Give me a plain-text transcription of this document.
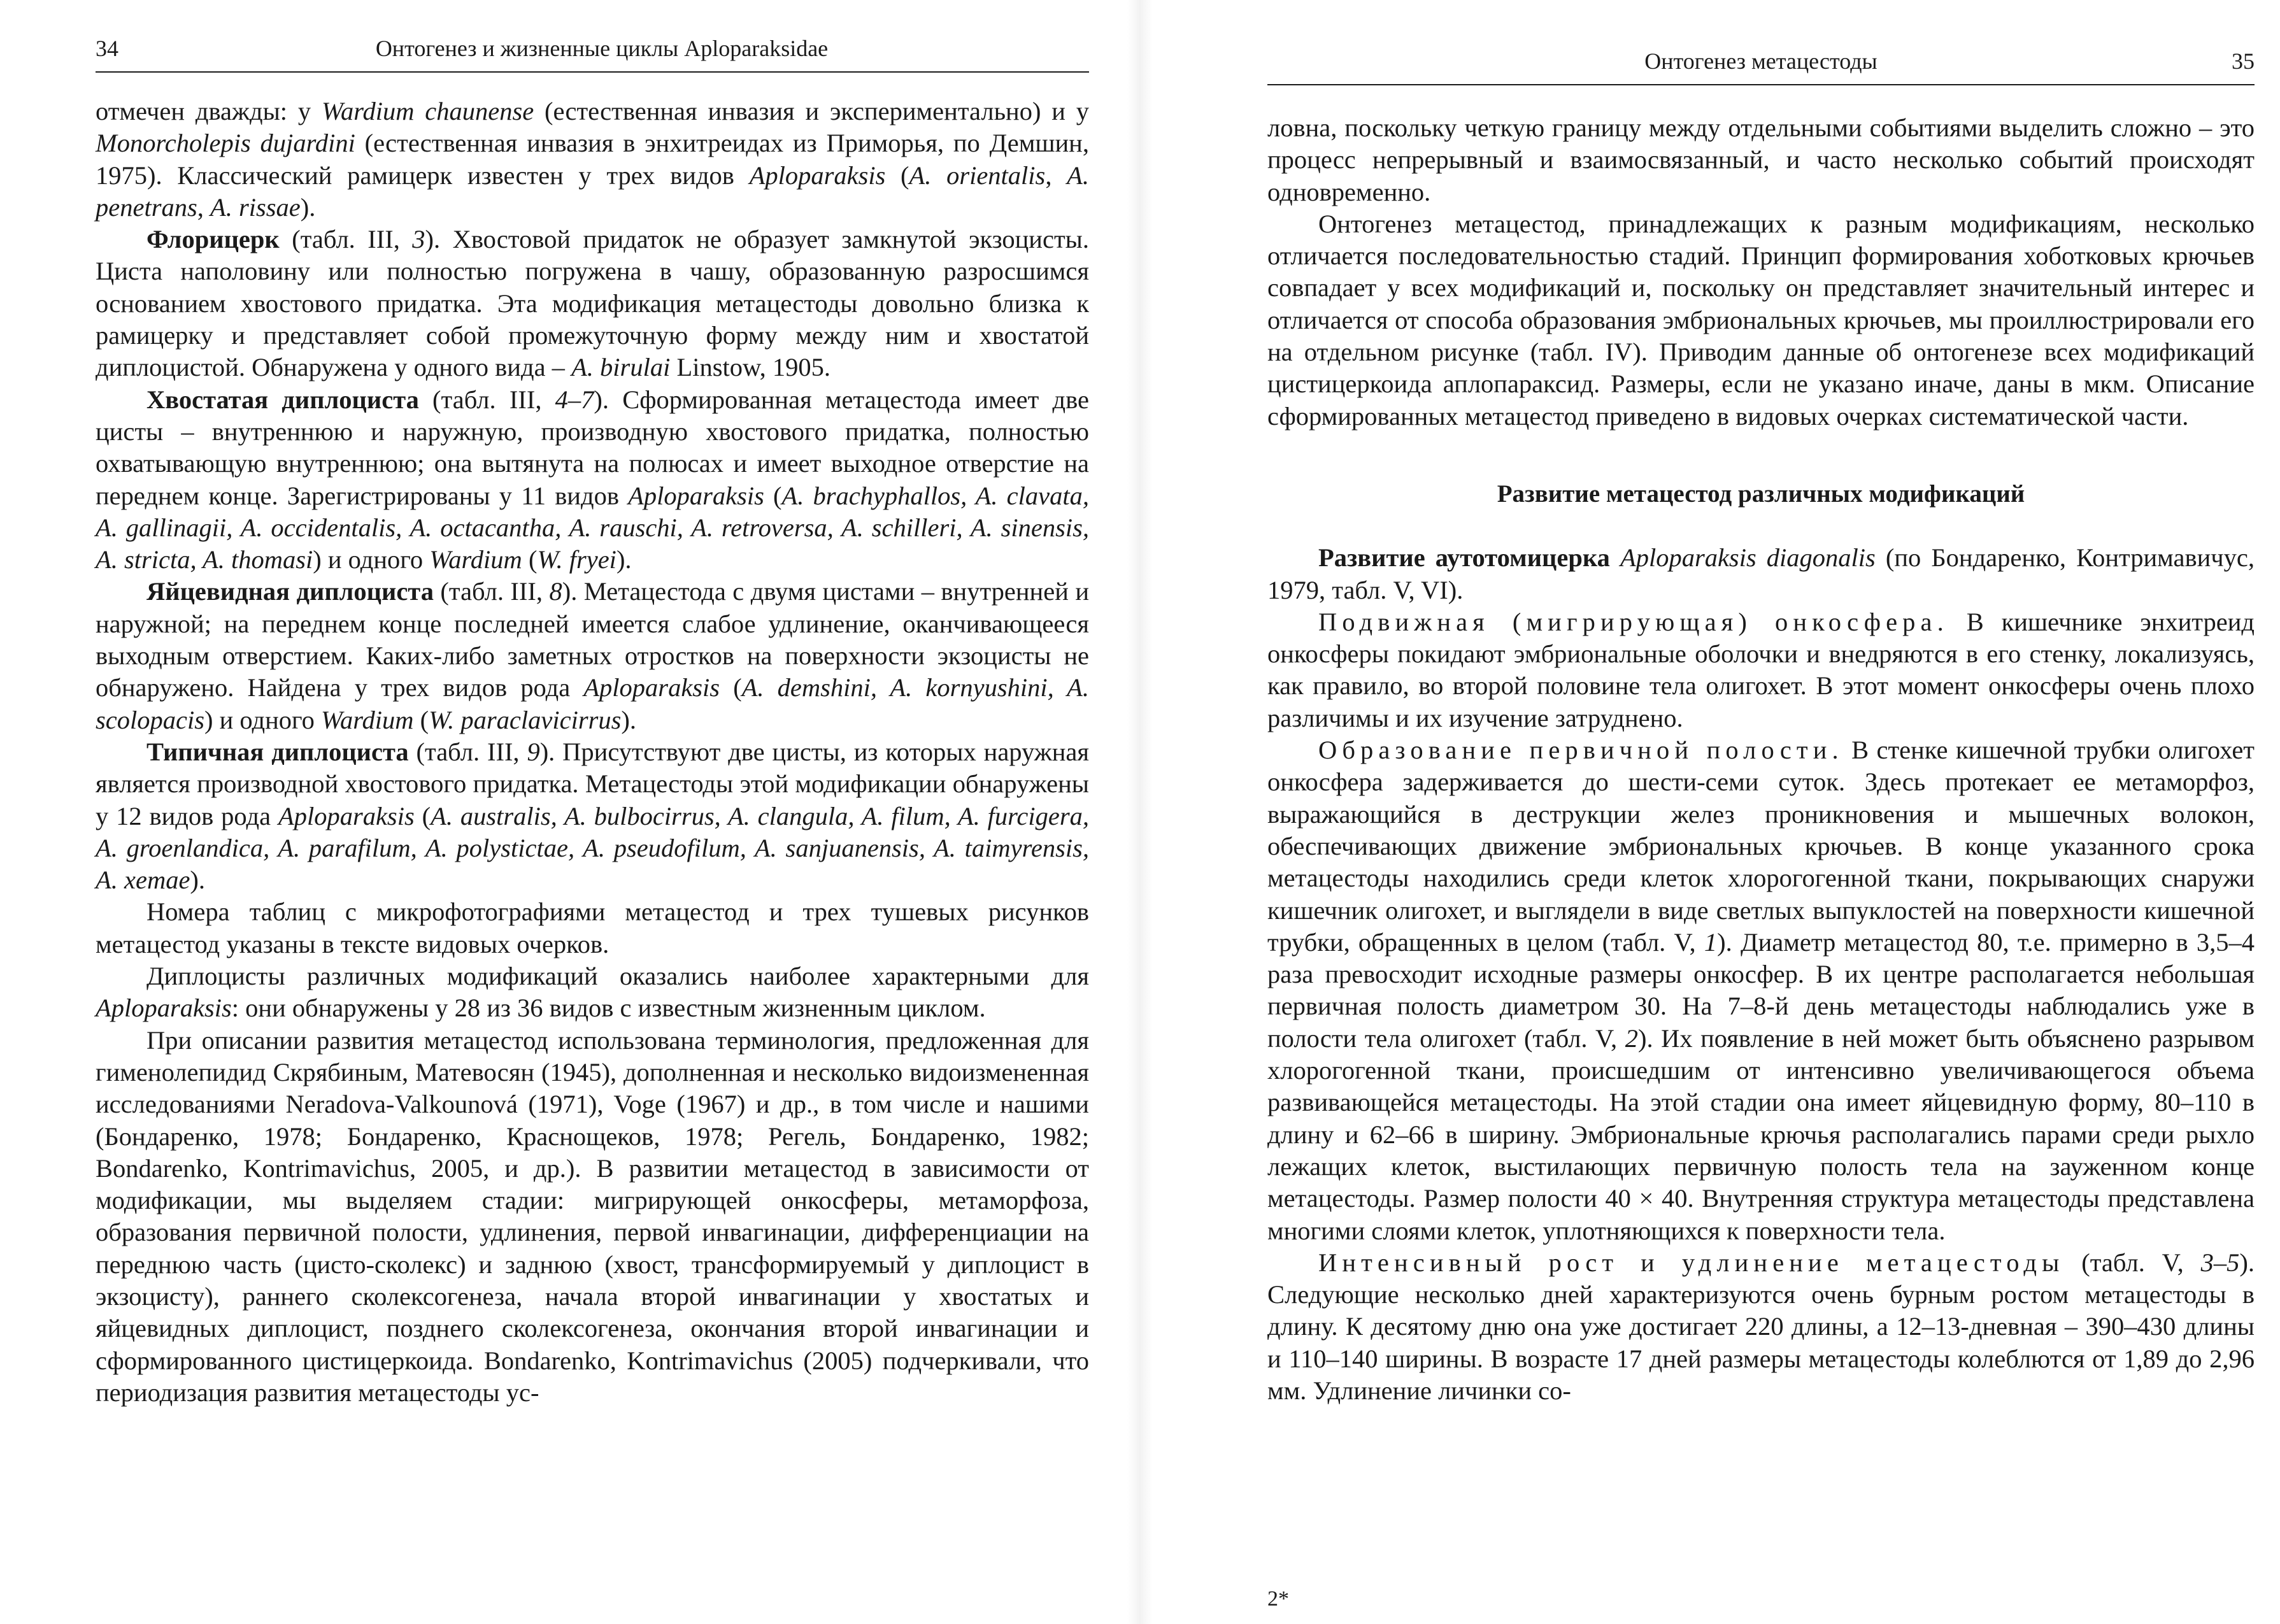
34	Онтогенез и жизненные циклы Aploparaksidae

отмечен дважды: у Wardium chaunense (естественная инвазия и экспериментально) и у Monorcholepis dujardini (естественная инвазия в энхитреидах из Приморья, по Демшин, 1975). Классический рамицерк известен у трех видов Aploparaksis (A. orientalis, A. penetrans, A. rissae).

Флорицерк (табл. III, 3). Хвостовой придаток не образует замкнутой экзоцисты. Циста наполовину или полностью погружена в чашу, образованную разросшимся основанием хвостового придатка. Эта модификация метацестоды довольно близка к рамицерку и представляет собой промежуточную форму между ним и хвостатой диплоцистой. Обнаружена у одного вида – A. birulai Linstow, 1905.

Хвостатая диплоциста (табл. III, 4–7). Сформированная метацестода имеет две цисты – внутреннюю и наружную, производную хвостового придатка, полностью охватывающую внутреннюю; она вытянута на полюсах и имеет выходное отверстие на переднем конце. Зарегистрированы у 11 видов Aploparaksis (A. brachyphallos, A. clavata, A. gallinagii, A. occidentalis, A. octacantha, A. rauschi, A. retroversa, A. schilleri, A. sinensis, A. stricta, A. thomasi) и одного Wardium (W. fryei).

Яйцевидная диплоциста (табл. III, 8). Метацестода с двумя цистами – внутренней и наружной; на переднем конце последней имеется слабое удлинение, оканчивающееся выходным отверстием. Каких-либо заметных отростков на поверхности экзоцисты не обнаружено. Найдена у трех видов рода Aploparaksis (A. demshini, A. kornyushini, A. scolopacis) и одного Wardium (W. paraclavicirrus).

Типичная диплоциста (табл. III, 9). Присутствуют две цисты, из которых наружная является производной хвостового придатка. Метацестоды этой модификации обнаружены у 12 видов рода Aploparaksis (A. australis, A. bulbocirrus, A. clangula, A. filum, A. furcigera, A. groenlandica, A. parafilum, A. polystictae, A. pseudofilum, A. sanjuanensis, A. taimyrensis, A. xemae).

Номера таблиц с микрофотографиями метацестод и трех тушевых рисунков метацестод указаны в тексте видовых очерков.

Диплоцисты различных модификаций оказались наиболее характерными для Aploparaksis: они обнаружены у 28 из 36 видов с известным жизненным циклом.

При описании развития метацестод использована терминология, предложенная для гименолепидид Скрябиным, Матевосян (1945), дополненная и несколько видоизмененная исследованиями Neradova-Valkounová (1971), Voge (1967) и др., в том числе и нашими (Бондаренко, 1978; Бондаренко, Краснощеков, 1978; Регель, Бондаренко, 1982; Bondarenko, Kontrimavichus, 2005, и др.). В развитии метацестод в зависимости от модификации, мы выделяем стадии: мигрирующей онкосферы, метаморфоза, образования первичной полости, удлинения, первой инвагинации, дифференциации на переднюю часть (цисто-сколекс) и заднюю (хвост, трансформируемый у диплоцист в экзоцисту), раннего сколексогенеза, начала второй инвагинации у хвостатых и яйцевидных диплоцист, позднего сколексогенеза, окончания второй инвагинации и сформированного цистицеркоида. Bondarenko, Kontrimavichus (2005) подчеркивали, что периодизация развития метацестоды ус-

Онтогенез метацестоды	35

ловна, поскольку четкую границу между отдельными событиями выделить сложно – это процесс непрерывный и взаимосвязанный, и часто несколько событий происходят одновременно.

Онтогенез метацестод, принадлежащих к разным модификациям, несколько отличается последовательностью стадий. Принцип формирования хоботковых крючьев совпадает у всех модификаций и, поскольку он представляет значительный интерес и отличается от способа образования эмбриональных крючьев, мы проиллюстрировали его на отдельном рисунке (табл. IV). Приводим данные об онтогенезе всех модификаций цистицеркоида аплопараксид. Размеры, если не указано иначе, даны в мкм. Описание сформированных метацестод приведено в видовых очерках систематической части.

Развитие метацестод различных модификаций

Развитие аутотомицерка Aploparaksis diagonalis (по Бондаренко, Контримавичус, 1979, табл. V, VI).

Подвижная (мигрирующая) онкосфера. В кишечнике энхитреид онкосферы покидают эмбриональные оболочки и внедряются в его стенку, локализуясь, как правило, во второй половине тела олигохет. В этот момент онкосферы очень плохо различимы и их изучение затруднено.

Образование первичной полости. В стенке кишечной трубки олигохет онкосфера задерживается до шести-семи суток. Здесь протекает ее метаморфоз, выражающийся в деструкции желез проникновения и мышечных волокон, обеспечивающих движение эмбриональных крючьев. В конце указанного срока метацестоды находились среди клеток хлорогогенной ткани, покрывающих снаружи кишечник олигохет, и выглядели в виде светлых выпуклостей на поверхности кишечной трубки, обращенных в целом (табл. V, 1). Диаметр метацестод 80, т.е. примерно в 3,5–4 раза превосходит исходные размеры онкосфер. В их центре располагается небольшая первичная полость диаметром 30. На 7–8-й день метацестоды наблюдались уже в полости тела олигохет (табл. V, 2). Их появление в ней может быть объяснено разрывом хлорогогенной ткани, происшедшим от интенсивно увеличивающегося объема развивающейся метацестоды. На этой стадии она имеет яйцевидную форму, 80–110 в длину и 62–66 в ширину. Эмбриональные крючья располагались парами среди рыхло лежащих клеток, выстилающих первичную полость тела на зауженном конце метацестоды. Размер полости 40 × 40. Внутренняя структура метацестоды представлена многими слоями клеток, уплотняющихся к поверхности тела.

Интенсивный рост и удлинение метацестоды (табл. V, 3–5). Следующие несколько дней характеризуются очень бурным ростом метацестоды в длину. К десятому дню она уже достигает 220 длины, а 12–13-дневная – 390–430 длины и 110–140 ширины. В возрасте 17 дней размеры метацестоды колеблются от 1,89 до 2,96 мм. Удлинение личинки со-

2*
